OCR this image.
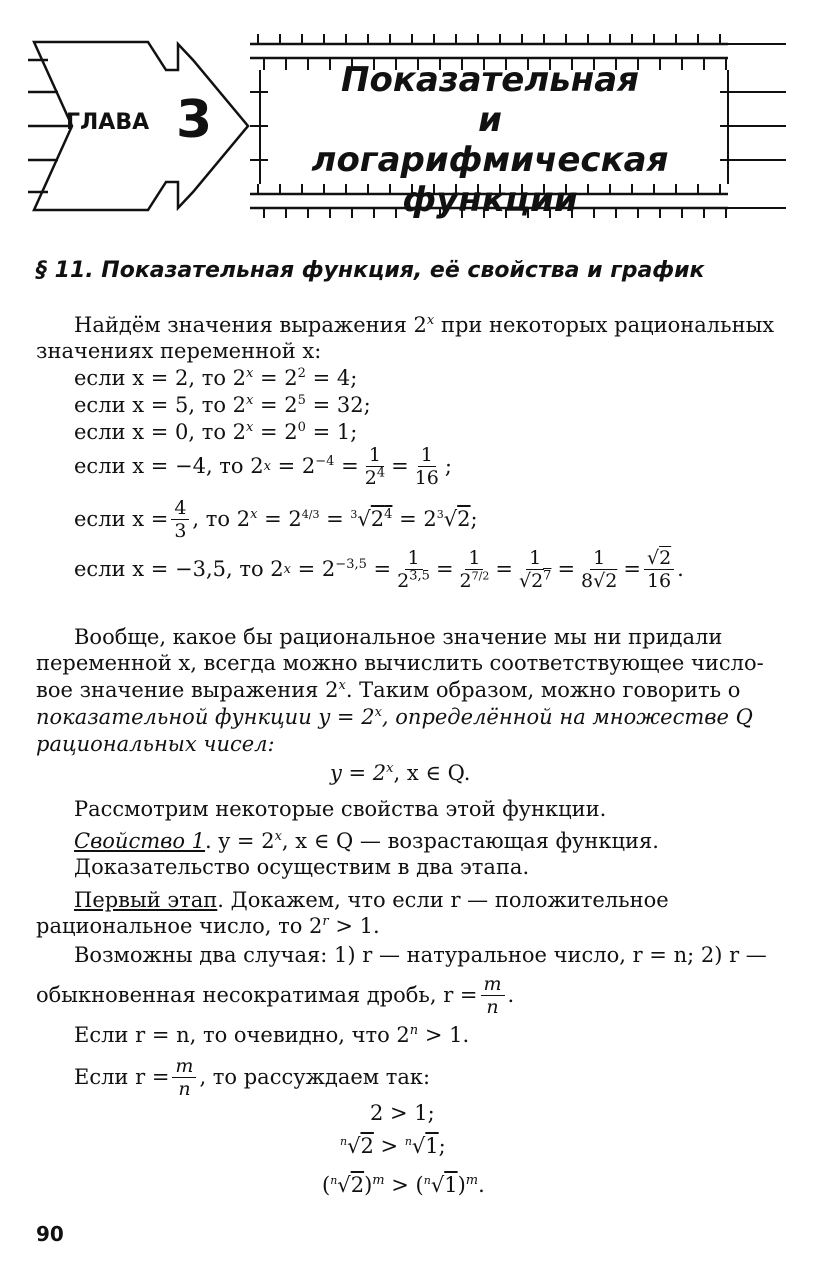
ГЛАВА 3
Показательная
и логарифмическая
функции
§ 11. Показательная функция, её свойства и график
Найдём значения выражения 2$^x$ при некоторых рациональных
значениях переменной x:
если x = 2, то $2^x = 2^2 = 4$;
если x = 5, то $2^x = 2^5 = 32$;
если x = 0, то $2^x = 2^0 = 1$;
если x = −4, то 2 $x = 2^{-4} = \frac{1}{2^4} = \frac{1}{16}$ ;
если $x = \frac{4}{3}$ , то $2^x = 2^{4/3} = ^3√2^4 = 2^3√2$;
если x = −3,5, то 2 $x = 2^{-3,5} = \frac{1}{2^{3,5}} = \frac{1}{2^{7/2}} = \frac{1}{√2^7} = \frac{1}{8√2} = \frac{√2}{16}$ .
Вообще, какое бы рациональное значение мы ни придали
переменной x, всегда можно вычислить соответствующее число-
вое значение выражения 2$^x$. Таким образом, можно говорить о
показательной функции $y = 2^x$, определённой на множестве Q
рациональных чисел:
$y = 2^x$, x ∈ Q.
Рассмотрим некоторые свойства этой функции.
Свойство 1. $y = 2^x$, x ∈ Q — возрастающая функция.
Доказательство осуществим в два этапа.
Первый этап. Докажем, что если r — положительное
рациональное число, то $2^r > 1$.
Возможны два случая: 1) r — натуральное число, r = n; 2) r —
обыкновенная несократимая дробь, $r = \frac{m}{n}$ .
Если r = n, то очевидно, что $2^n > 1$.
Если $r = \frac{m}{n}$ , то рассуждаем так:
2 > 1;
$^n$√2 > $^n$√1;
$(^n√2)^m > (^n√1)^m$.
90
